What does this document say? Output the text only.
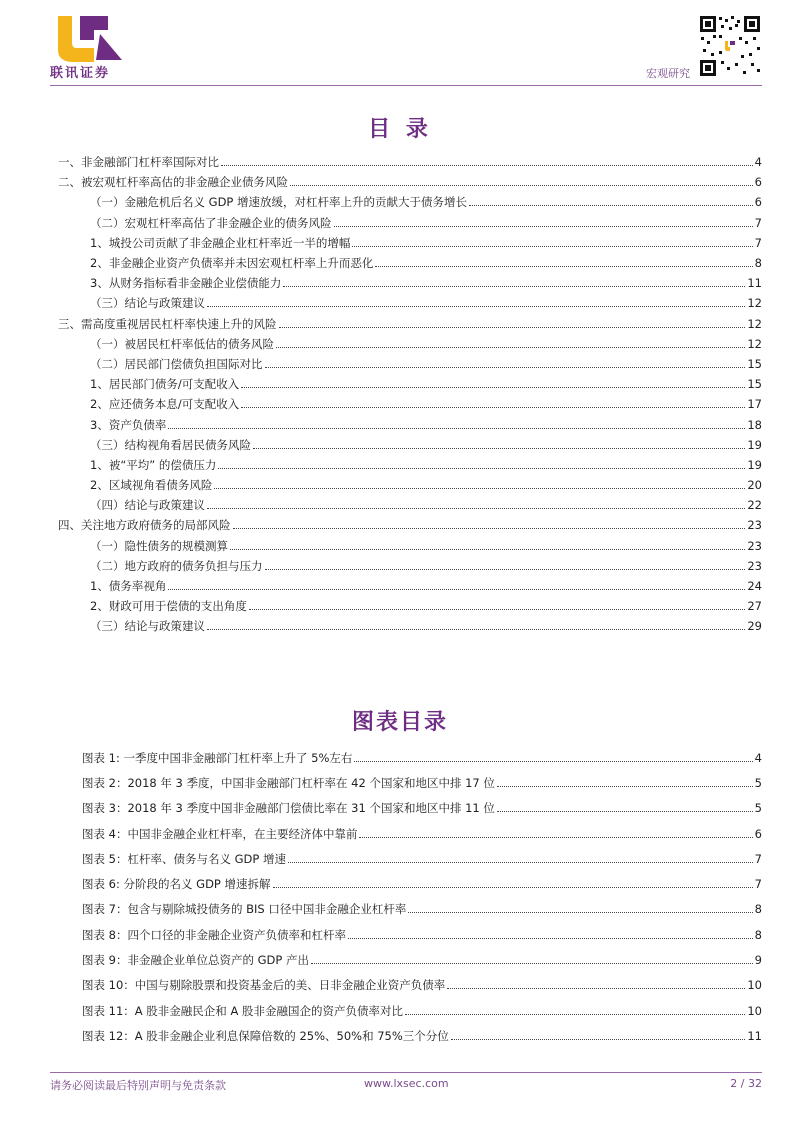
联讯证券	宏观研究
目 录
一、非金融部门杠杆率国际对比	4
二、被宏观杠杆率高估的非金融企业债务风险	6
（一）金融危机后名义 GDP 增速放缓，对杠杆率上升的贡献大于债务增长	6
（二）宏观杠杆率高估了非金融企业的债务风险	7
1、城投公司贡献了非金融企业杠杆率近一半的增幅	7
2、非金融企业资产负债率并未因宏观杠杆率上升而恶化	8
3、从财务指标看非金融企业偿债能力	11
（三）结论与政策建议	12
三、需高度重视居民杠杆率快速上升的风险	12
（一）被居民杠杆率低估的债务风险	12
（二）居民部门偿债负担国际对比	15
1、居民部门债务/可支配收入	15
2、应还债务本息/可支配收入	17
3、资产负债率	18
（三）结构视角看居民债务风险	19
1、被“平均” 的偿债压力	19
2、区域视角看债务风险	20
（四）结论与政策建议	22
四、关注地方政府债务的局部风险	23
（一）隐性债务的规模测算	23
（二）地方政府的债务负担与压力	23
1、债务率视角	24
2、财政可用于偿债的支出角度	27
（三）结论与政策建议	29
图表目录
图表 1: 一季度中国非金融部门杠杆率上升了 5%左右	4
图表 2：2018 年 3 季度，中国非金融部门杠杆率在 42 个国家和地区中排 17 位	5
图表 3：2018 年 3 季度中国非金融部门偿债比率在 31 个国家和地区中排 11 位	5
图表 4：中国非金融企业杠杆率，在主要经济体中靠前	6
图表 5：杠杆率、债务与名义 GDP 增速	7
图表 6: 分阶段的名义 GDP 增速拆解	7
图表 7：包含与剔除城投债务的 BIS 口径中国非金融企业杠杆率	8
图表 8：四个口径的非金融企业资产负债率和杠杆率	8
图表 9：非金融企业单位总资产的 GDP 产出	9
图表 10：中国与剔除股票和投资基金后的美、日非金融企业资产负债率	10
图表 11：A 股非金融民企和 A 股非金融国企的资产负债率对比	10
图表 12：A 股非金融企业利息保障倍数的 25%、50%和 75%三个分位	11
请务必阅读最后特别声明与免责条款	www.lxsec.com	2 / 32
